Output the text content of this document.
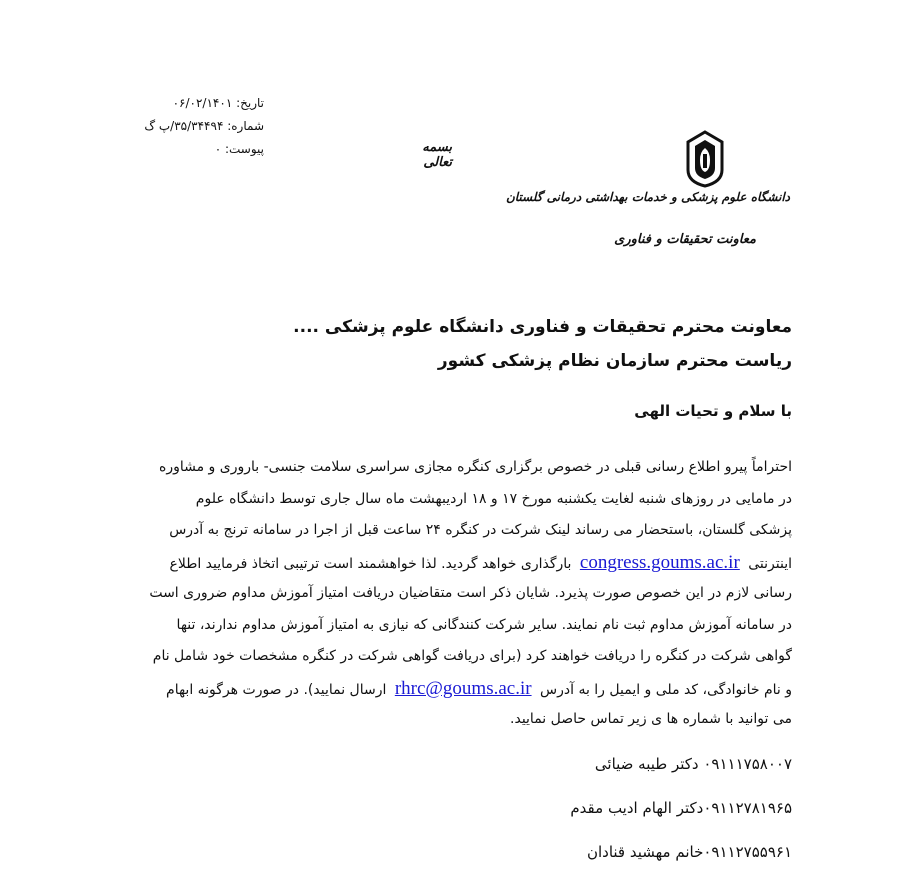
تاریخ: ۰۶/۰۲/۱۴۰۱
شماره: ۳۵/۳۴۴۹۴/پ گ
پیوست: ۰	بسمه تعالی
دانشگاه علوم پزشکی و خدمات بهداشتی درمانی گلستان
معاونت تحقیقات و فناوری
معاونت محترم تحقیقات و فناوری دانشگاه علوم پزشکی ....
ریاست محترم سازمان نظام پزشکی کشور
با سلام و تحیات الهی
احتراماً پیرو اطلاع رسانی قبلی در خصوص برگزاری کنگره مجازی سراسری سلامت جنسی- باروری و مشاوره
در مامایی در روزهای شنبه لغایت یکشنبه مورخ ۱۷ و ۱۸ اردیبهشت ماه سال جاری توسط دانشگاه علوم
پزشکی گلستان، باستحضار می رساند لینک شرکت در کنگره ۲۴ ساعت قبل از اجرا در سامانه ترنج به آدرس
اینترنتی congress.goums.ac.ir بارگذاری خواهد گردید. لذا خواهشمند است ترتیبی اتخاذ فرمایید اطلاع
رسانی لازم در این خصوص صورت پذیرد. شایان ذکر است متقاضیان دریافت امتیاز آموزش مداوم ضروری است
در سامانه آموزش مداوم ثبت نام نمایند. سایر شرکت کنندگانی که نیازی به امتیاز آموزش مداوم ندارند، تنها
گواهی شرکت در کنگره را دریافت خواهند کرد (برای دریافت گواهی شرکت در کنگره مشخصات خود شامل نام
و نام خانوادگی، کد ملی و ایمیل را به آدرس rhrc@goums.ac.ir ارسال نمایید). در صورت هرگونه ابهام
می توانید با شماره ها ی زیر تماس حاصل نمایید.
۰۹۱۱۱۷۵۸۰۰۷ دکتر طیبه ضیائی
۰۹۱۱۲۷۸۱۹۶۵دکتر الهام ادیب مقدم
۰۹۱۱۲۷۵۵۹۶۱خانم مهشید قنادان
